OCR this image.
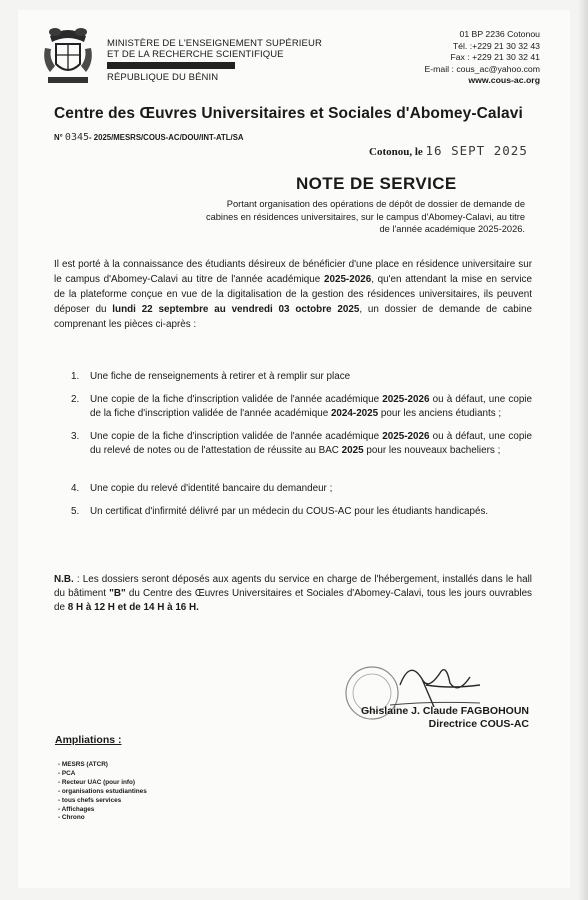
MINISTÈRE DE L'ENSEIGNEMENT SUPÉRIEUR
ET DE LA RECHERCHE SCIENTIFIQUE
RÉPUBLIQUE DU BÉNIN
01 BP 2236 Cotonou
Tél. :+229 21 30 32 43
Fax : +229 21 30 32 41
E-mail : cous_ac@yahoo.com
www.cous-ac.org
Centre des Œuvres Universitaires et Sociales d'Abomey-Calavi
N° 0345- 2025/MESRS/COUS-AC/DOU/INT-ATL/SA
Cotonou, le 16 SEPT 2025
NOTE DE SERVICE
Portant organisation des opérations de dépôt de dossier de demande de cabines en résidences universitaires, sur le campus d'Abomey-Calavi, au titre de l'année académique 2025-2026.
Il est porté à la connaissance des étudiants désireux de bénéficier d'une place en résidence universitaire sur le campus d'Abomey-Calavi au titre de l'année académique 2025-2026, qu'en attendant la mise en service de la plateforme conçue en vue de la digitalisation de la gestion des résidences universitaires, ils peuvent déposer du lundi 22 septembre au vendredi 03 octobre 2025, un dossier de demande de cabine comprenant les pièces ci-après :
1. Une fiche de renseignements à retirer et à remplir sur place
2. Une copie de la fiche d'inscription validée de l'année académique 2025-2026 ou à défaut, une copie de la fiche d'inscription validée de l'année académique 2024-2025 pour les anciens étudiants ;
3. Une copie de la fiche d'inscription validée de l'année académique 2025-2026 ou à défaut, une copie du relevé de notes ou de l'attestation de réussite au BAC 2025 pour les nouveaux bacheliers ;
4. Une copie du relevé d'identité bancaire du demandeur ;
5. Un certificat d'infirmité délivré par un médecin du COUS-AC pour les étudiants handicapés.
N.B. : Les dossiers seront déposés aux agents du service en charge de l'hébergement, installés dans le hall du bâtiment "B" du Centre des Œuvres Universitaires et Sociales d'Abomey-Calavi, tous les jours ouvrables de 8 H à 12 H et de 14 H à 16 H.
Ghislaine J. Claude FAGBOHOUN
Directrice COUS-AC
Ampliations :
- MESRS (ATCR)
- PCA
- Recteur UAC (pour info)
- organisations estudiantines
- tous chefs services
- Affichages
- Chrono
